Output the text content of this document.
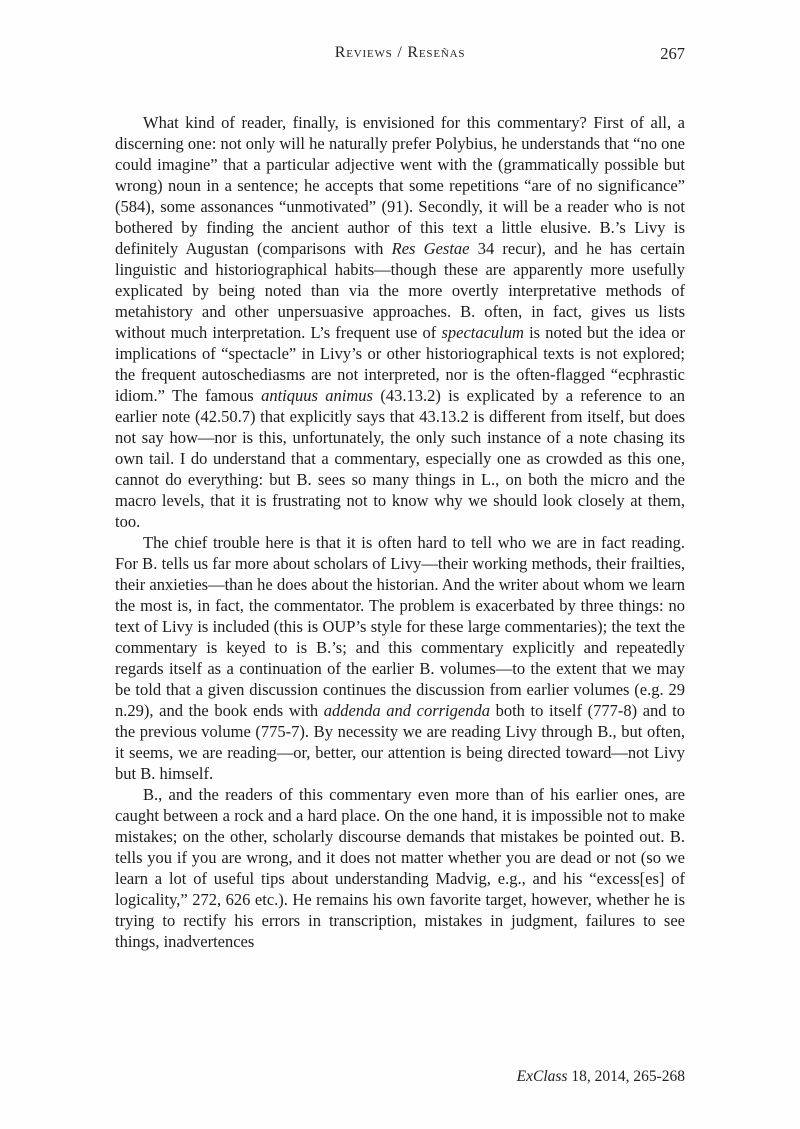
Reviews / Reseñas	267

What kind of reader, finally, is envisioned for this commentary? First of all, a discerning one: not only will he naturally prefer Polybius, he understands that “no one could imagine” that a particular adjective went with the (grammatically possible but wrong) noun in a sentence; he accepts that some repetitions “are of no significance” (584), some assonances “unmotivated” (91). Secondly, it will be a reader who is not bothered by finding the ancient author of this text a little elusive. B.’s Livy is definitely Augustan (comparisons with Res Gestae 34 recur), and he has certain linguistic and historiographical habits—though these are apparently more usefully explicated by being noted than via the more overtly interpretative methods of metahistory and other unpersuasive approaches. B. often, in fact, gives us lists without much interpretation. L’s frequent use of spectaculum is noted but the idea or implications of “spectacle” in Livy’s or other historiographical texts is not explored; the frequent autoschediasms are not interpreted, nor is the often-flagged “ecphrastic idiom.” The famous antiquus animus (43.13.2) is explicated by a reference to an earlier note (42.50.7) that explicitly says that 43.13.2 is different from itself, but does not say how—nor is this, unfortunately, the only such instance of a note chasing its own tail. I do understand that a commentary, especially one as crowded as this one, cannot do everything: but B. sees so many things in L., on both the micro and the macro levels, that it is frustrating not to know why we should look closely at them, too.

The chief trouble here is that it is often hard to tell who we are in fact reading. For B. tells us far more about scholars of Livy—their working methods, their frailties, their anxieties—than he does about the historian. And the writer about whom we learn the most is, in fact, the commentator. The problem is exacerbated by three things: no text of Livy is included (this is OUP’s style for these large commentaries); the text the commentary is keyed to is B.’s; and this commentary explicitly and repeatedly regards itself as a continuation of the earlier B. volumes—to the extent that we may be told that a given discussion continues the discussion from earlier volumes (e.g. 29 n.29), and the book ends with addenda and corrigenda both to itself (777-8) and to the previous volume (775-7). By necessity we are reading Livy through B., but often, it seems, we are reading—or, better, our attention is being directed toward—not Livy but B. himself.

B., and the readers of this commentary even more than of his earlier ones, are caught between a rock and a hard place. On the one hand, it is impossible not to make mistakes; on the other, scholarly discourse demands that mistakes be pointed out. B. tells you if you are wrong, and it does not matter whether you are dead or not (so we learn a lot of useful tips about understanding Madvig, e.g., and his “excess[es] of logicality,” 272, 626 etc.). He remains his own favorite target, however, whether he is trying to rectify his errors in transcription, mistakes in judgment, failures to see things, inadvertences

ExClass 18, 2014, 265-268
